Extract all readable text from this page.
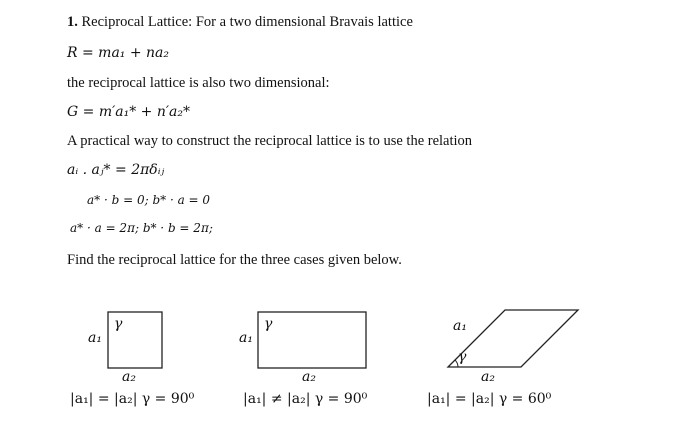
1. Reciprocal Lattice: For a two dimensional Bravais lattice
R = ma₁ + na₂
the reciprocal lattice is also two dimensional:
G = m′a₁* + n′a₂*
A practical way to construct the reciprocal lattice is to use the relation
aᵢ . aⱼ* = 2πδᵢⱼ
a* · b = 0; b* · a = 0
a* · a = 2π; b* · b = 2π;
Find the reciprocal lattice for the three cases given below.
γ
a₁
a₂
|a₁| = |a₂| γ = 90⁰
γ
a₁
a₂
|a₁| ≠ |a₂| γ = 90⁰
a₁
γ
a₂
|a₁| = |a₂| γ = 60⁰
